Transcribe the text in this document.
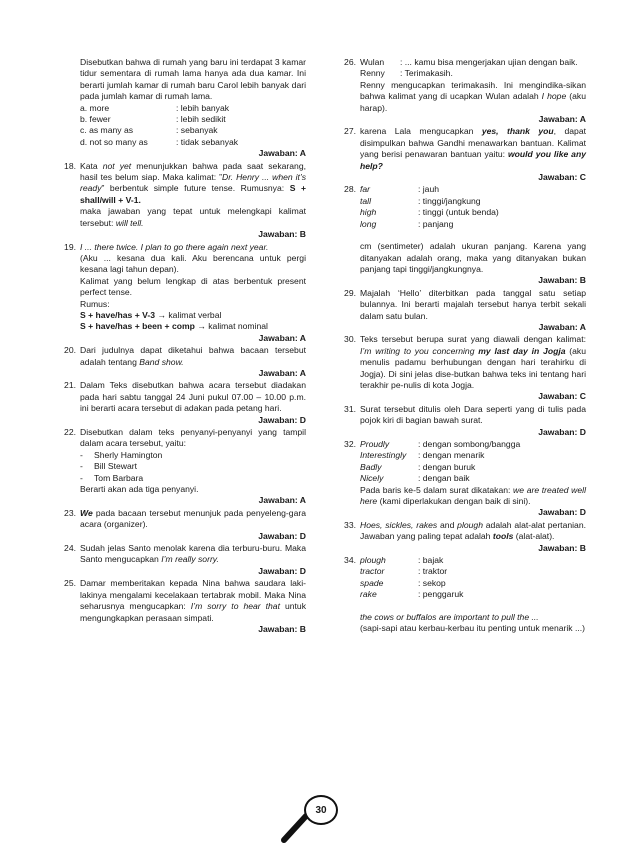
Disebutkan bahwa di rumah yang baru ini terdapat 3 kamar tidur sementara di rumah lama hanya ada dua kamar. Ini berarti jumlah kamar di rumah baru Carol lebih banyak dari pada jumlah kamar di rumah lama.
a. more	: lebih banyak
b. fewer	: lebih sedikit
c. as many as	: sebanyak
d. not so many as	: tidak sebanyak
Jawaban: A
18. Kata not yet menunjukkan bahwa pada saat sekarang, hasil tes belum siap. Maka kalimat: ”Dr. Henry ... when it’s ready” berbentuk simple future tense. Rumusnya: S + shall/will + V-1.
maka jawaban yang tepat untuk melengkapi kalimat tersebut: will tell.
Jawaban: B
19. I ... there twice. I plan to go there again next year.
(Aku ... kesana dua kali. Aku berencana untuk pergi kesana lagi tahun depan).
Kalimat yang belum lengkap di atas berbentuk present perfect tense.
Rumus:
S + have/has + V-3 → kalimat verbal
S + have/has + been + comp → kalimat nominal
Jawaban: A
20. Dari judulnya dapat diketahui bahwa bacaan tersebut adalah tentang Band show.
Jawaban: A
21. Dalam Teks disebutkan bahwa acara tersebut diadakan pada hari sabtu tanggal 24 Juni pukul 07.00 – 10.00 p.m. ini berarti acara tersebut di adakan pada petang hari.
Jawaban: D
22. Disebutkan dalam teks penyanyi-penyanyi yang tampil dalam acara tersebut, yaitu:
-	Sherly Hamington
-	Bill Stewart
-	Tom Barbara
Berarti akan ada tiga penyanyi.
Jawaban: A
23. We pada bacaan tersebut menunjuk pada penyeleng-gara acara (organizer).
Jawaban: D
24. Sudah jelas Santo menolak karena dia terburu-buru. Maka Santo mengucapkan I’m really sorry.
Jawaban: D
25. Damar memberitakan kepada Nina bahwa saudara laki-lakinya mengalami kecelakaan tertabrak mobil. Maka Nina seharusnya mengucapkan: I’m sorry to hear that untuk mengungkapkan perasaan simpati.
Jawaban: B
26. Wulan	: ... kamu bisa mengerjakan ujian dengan baik.
Renny	: Terimakasih.
Renny mengucapkan terimakasih. Ini mengindika-sikan bahwa kalimat yang di ucapkan Wulan adalah I hope (aku harap).
Jawaban: A
27. karena Lala mengucapkan yes, thank you, dapat disimpulkan bahwa Gandhi menawarkan bantuan. Kalimat yang berisi penawaran bantuan yaitu: would you like any help?
Jawaban: C
28. far	: jauh
tall	: tinggi/jangkung
high	: tinggi (untuk benda)
long	: panjang
cm (sentimeter) adalah ukuran panjang. Karena yang ditanyakan adalah orang, maka yang ditanyakan bukan panjang tapi tinggi/jangkungnya.
Jawaban: B
29. Majalah ‘Hello’ diterbitkan pada tanggal satu setiap bulannya. Ini berarti majalah tersebut hanya terbit sekali dalam satu bulan.
Jawaban: A
30. Teks tersebut berupa surat yang diawali dengan kalimat: I’m writing to you concerning my last day in Jogja (aku menulis padamu berhubungan dengan hari terahirku di Jogja). Di sini jelas dise-butkan bahwa teks ini tentang hari terakhir pe-nulis di kota Jogja.
Jawaban: C
31. Surat tersebut ditulis oleh Dara seperti yang di tulis pada pojok kiri di bagian bawah surat.
Jawaban: D
32. Proudly	: dengan sombong/bangga
Interestingly	: dengan menarik
Badly	: dengan buruk
Nicely	: dengan baik
Pada baris ke-5 dalam surat dikatakan: we are treated well here (kami diperlakukan dengan baik di sini).
Jawaban: D
33. Hoes, sickles, rakes and plough adalah alat-alat pertanian. Jawaban yang paling tepat adalah tools (alat-alat).
Jawaban: B
34. plough	: bajak
tractor	: traktor
spade	: sekop
rake	: penggaruk
the cows or buffalos are important to pull the ...
(sapi-sapi atau kerbau-kerbau itu penting untuk menarik ...)
30
